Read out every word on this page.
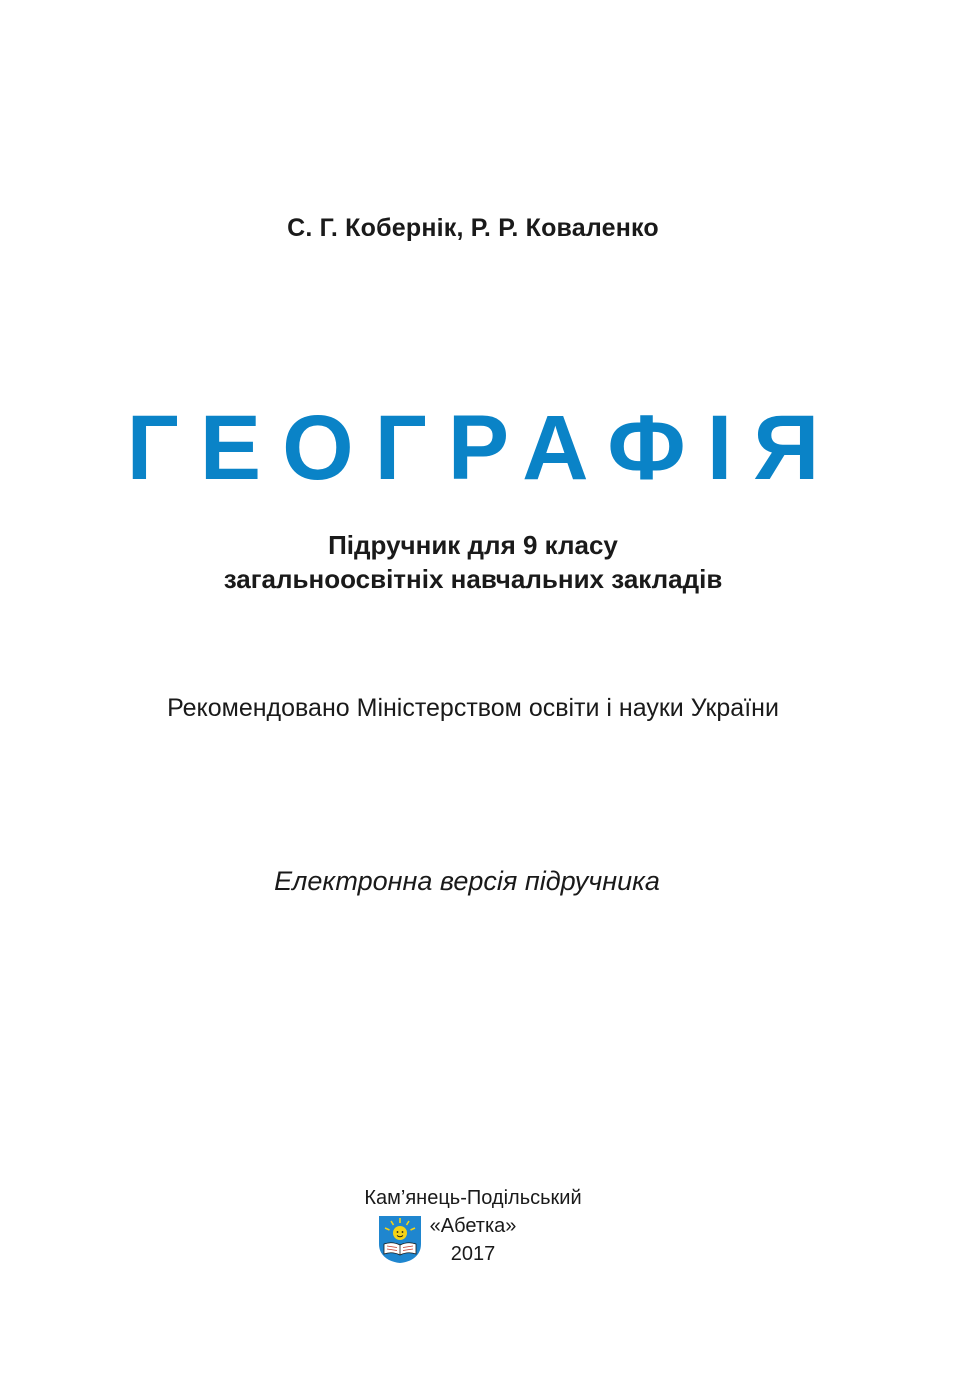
С. Г. Кобернік, Р. Р. Коваленко
ГЕОГРАФІЯ
Підручник для 9 класу
загальноосвітніх навчальних закладів
Рекомендовано Міністерством освіти і науки України
Електронна версія підручника
Кам’янець-Подільський
«Абетка»
2017
